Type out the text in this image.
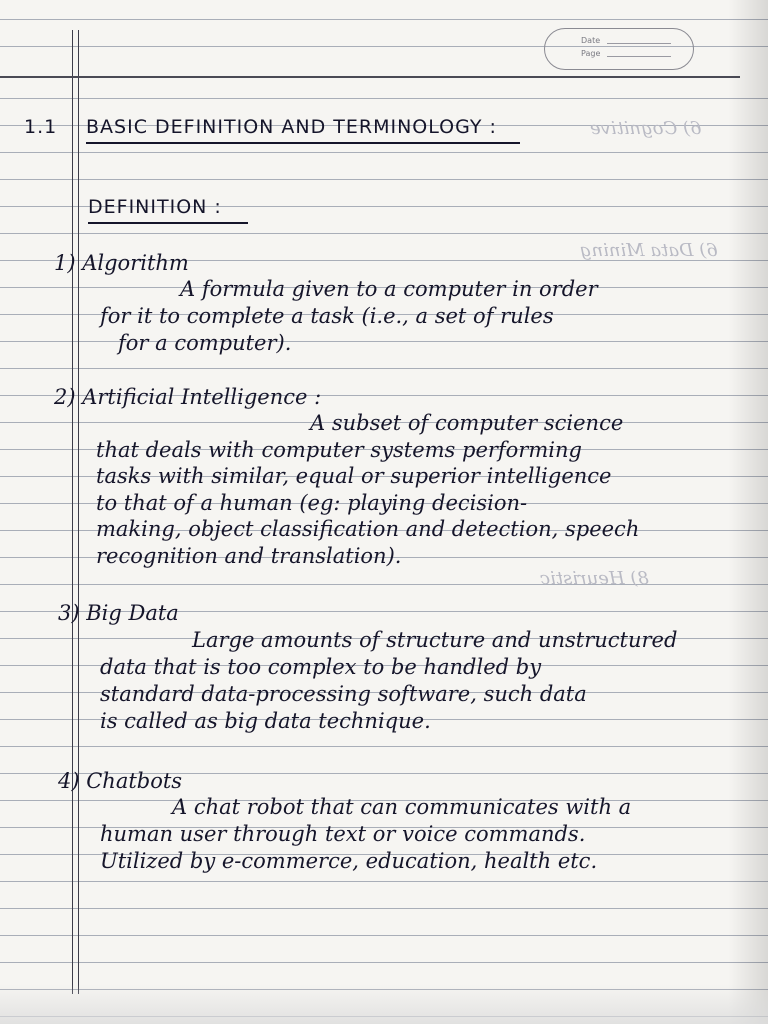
Date
Page
6) Cognitive
6) Data Mining
8) Heuristic
1.1 BASIC DEFINITION AND TERMINOLOGY :
DEFINITION :
1) Algorithm
A formula given to a computer in order
for it to complete a task (i.e., a set of rules
for a computer).
2) Artificial Intelligence :
A subset of computer science
that deals with computer systems performing
tasks with similar, equal or superior intelligence
to that of a human (eg: playing decision-
making, object classification and detection, speech
recognition and translation).
3) Big Data
Large amounts of structure and unstructured
data that is too complex to be handled by
standard data-processing software, such data
is called as big data technique.
4) Chatbots
A chat robot that can communicates with a
human user through text or voice commands.
Utilized by e-commerce, education, health etc.
